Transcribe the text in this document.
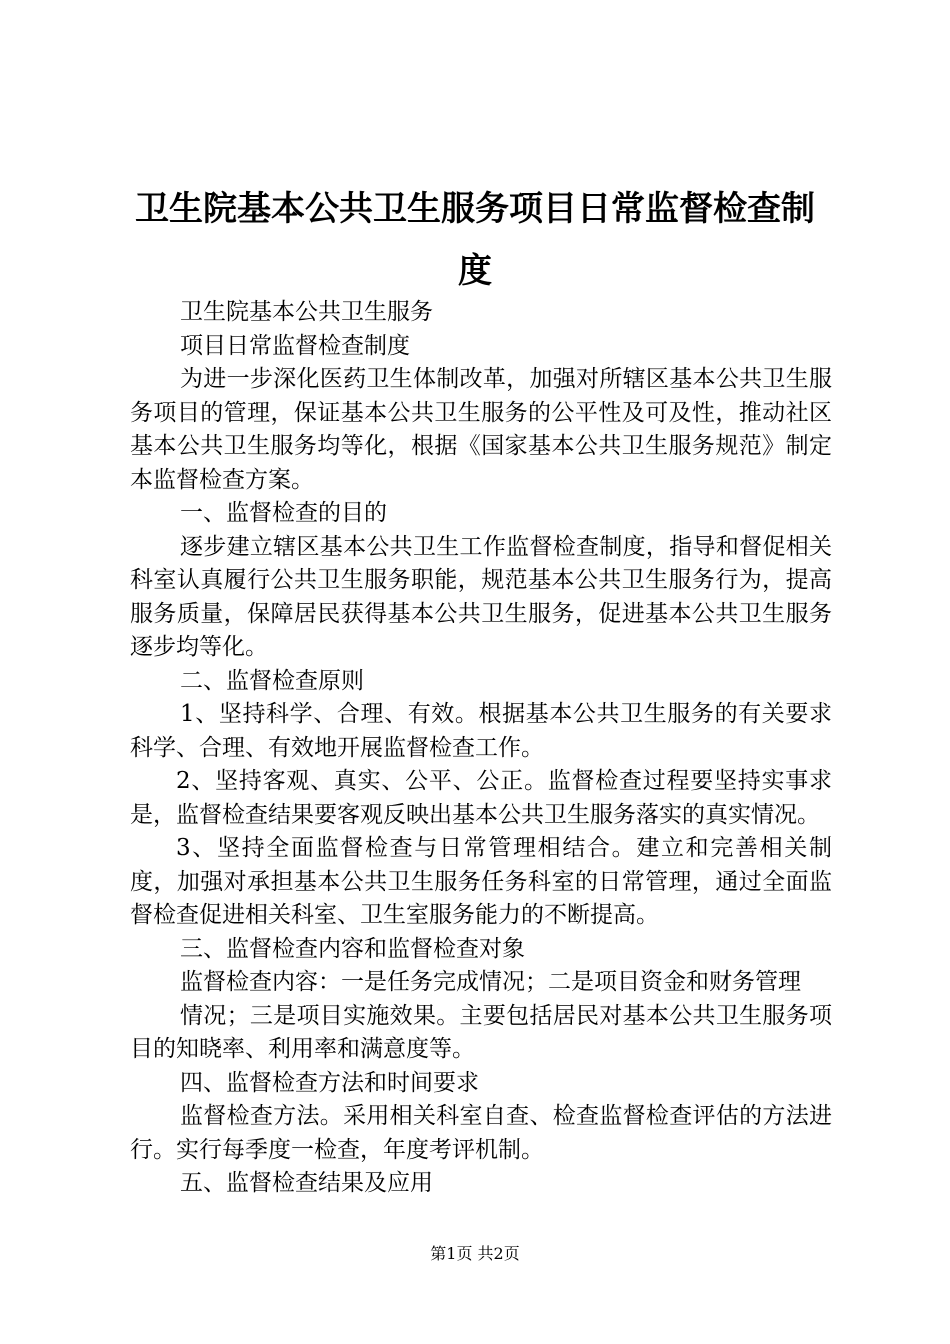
卫生院基本公共卫生服务项目日常监督检查制
度

卫生院基本公共卫生服务

项目日常监督检查制度

为进一步深化医药卫生体制改革，加强对所辖区基本公共卫生服务项目的管理，保证基本公共卫生服务的公平性及可及性，推动社区基本公共卫生服务均等化，根据《国家基本公共卫生服务规范》制定本监督检查方案。

一、监督检查的目的

逐步建立辖区基本公共卫生工作监督检查制度，指导和督促相关科室认真履行公共卫生服务职能，规范基本公共卫生服务行为，提高服务质量，保障居民获得基本公共卫生服务，促进基本公共卫生服务逐步均等化。

二、监督检查原则

1、坚持科学、合理、有效。根据基本公共卫生服务的有关要求科学、合理、有效地开展监督检查工作。

2、坚持客观、真实、公平、公正。监督检查过程要坚持实事求是，监督检查结果要客观反映出基本公共卫生服务落实的真实情况。

3、坚持全面监督检查与日常管理相结合。建立和完善相关制度，加强对承担基本公共卫生服务任务科室的日常管理，通过全面监督检查促进相关科室、卫生室服务能力的不断提高。

三、监督检查内容和监督检查对象

监督检查内容：一是任务完成情况；二是项目资金和财务管理

情况；三是项目实施效果。主要包括居民对基本公共卫生服务项目的知晓率、利用率和满意度等。

四、监督检查方法和时间要求

监督检查方法。采用相关科室自查、检查监督检查评估的方法进行。实行每季度一检查，年度考评机制。

五、监督检查结果及应用

第1页 共2页
